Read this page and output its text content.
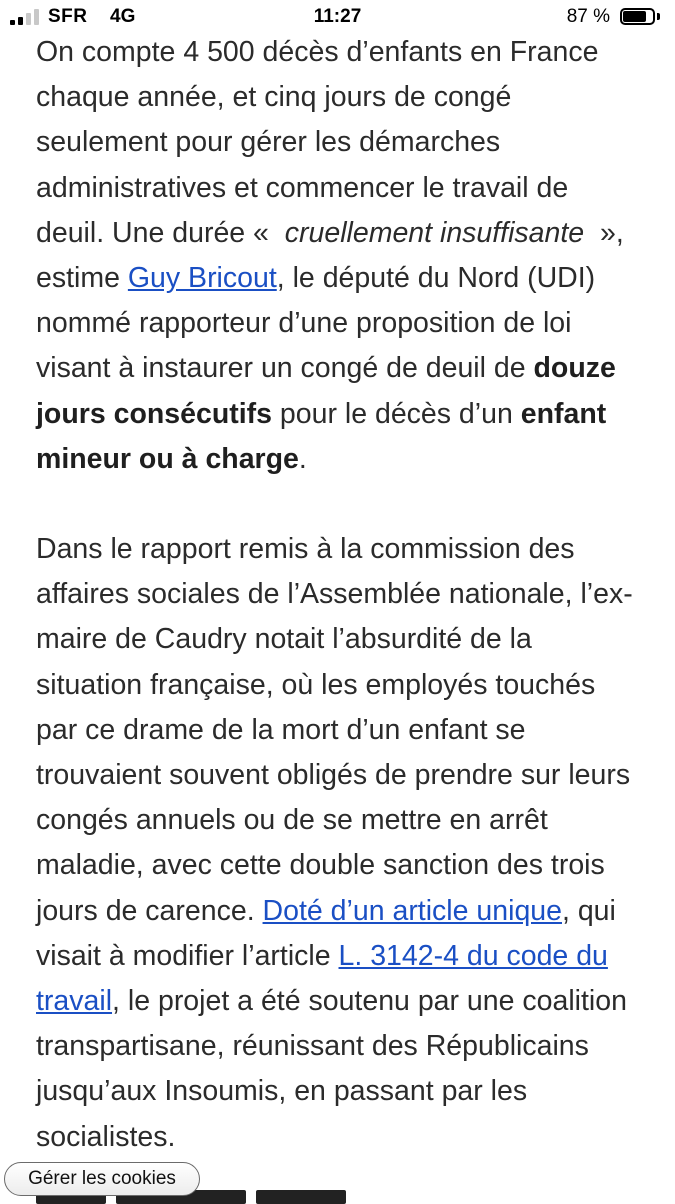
SFR 4G	11:27	87 %

On compte 4 500 décès d’enfants en France chaque année, et cinq jours de congé seulement pour gérer les démarches administratives et commencer le travail de deuil. Une durée «  cruellement insuffisante  », estime Guy Bricout, le député du Nord (UDI) nommé rapporteur d’une proposition de loi visant à instaurer un congé de deuil de douze jours consécutifs pour le décès d’un enfant mineur ou à charge.

Dans le rapport remis à la commission des affaires sociales de l’Assemblée nationale, l’ex-maire de Caudry notait l’absurdité de la situation française, où les employés touchés par ce drame de la mort d’un enfant se trouvaient souvent obligés de prendre sur leurs congés annuels ou de se mettre en arrêt maladie, avec cette double sanction des trois jours de carence. Doté d’un article unique, qui visait à modifier l’article L. 3142-4 du code du travail, le projet a été soutenu par une coalition transpartisane, réunissant des Républicains jusqu’aux Insoumis, en passant par les socialistes.

Gérer les cookies
